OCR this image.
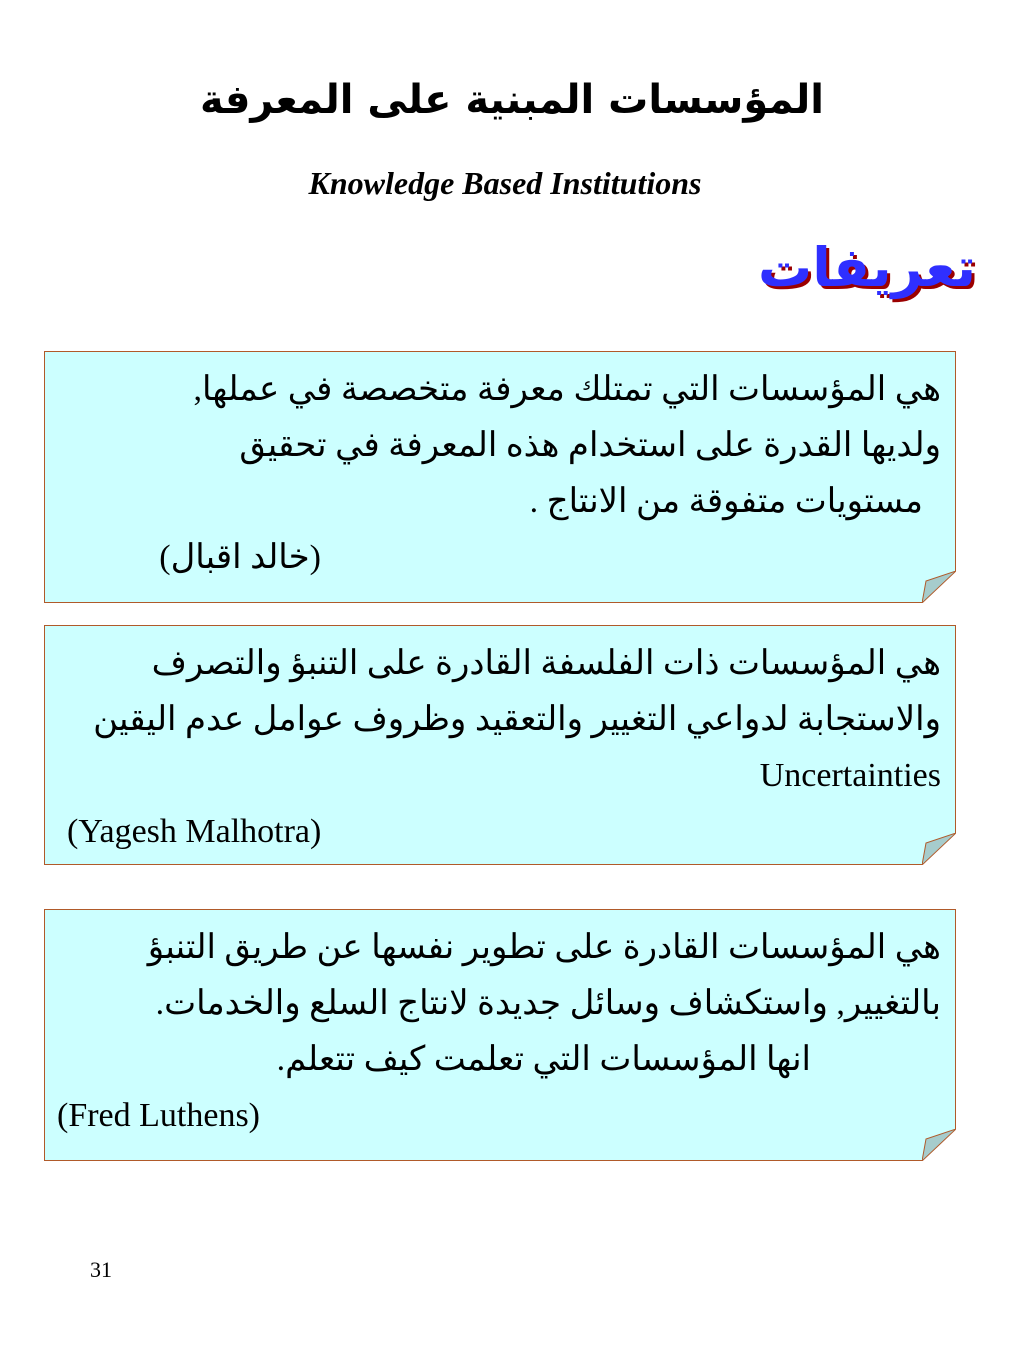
المؤسسات المبنية على المعرفة
Knowledge Based Institutions
تعريفات
هي المؤسسات التي تمتلك معرفة متخصصة في عملها,
ولديها القدرة على استخدام هذه المعرفة في تحقيق
مستويات متفوقة من الانتاج .
(خالد اقبال)
هي المؤسسات ذات الفلسفة القادرة على التنبؤ والتصرف
والاستجابة لدواعي التغيير والتعقيد وظروف عوامل عدم اليقين
Uncertainties
(Yagesh Malhotra)
هي المؤسسات القادرة على تطوير نفسها عن طريق التنبؤ
بالتغيير, واستكشاف وسائل جديدة لانتاج السلع والخدمات.
انها المؤسسات التي تعلمت كيف تتعلم.
(Fred Luthens)
31
